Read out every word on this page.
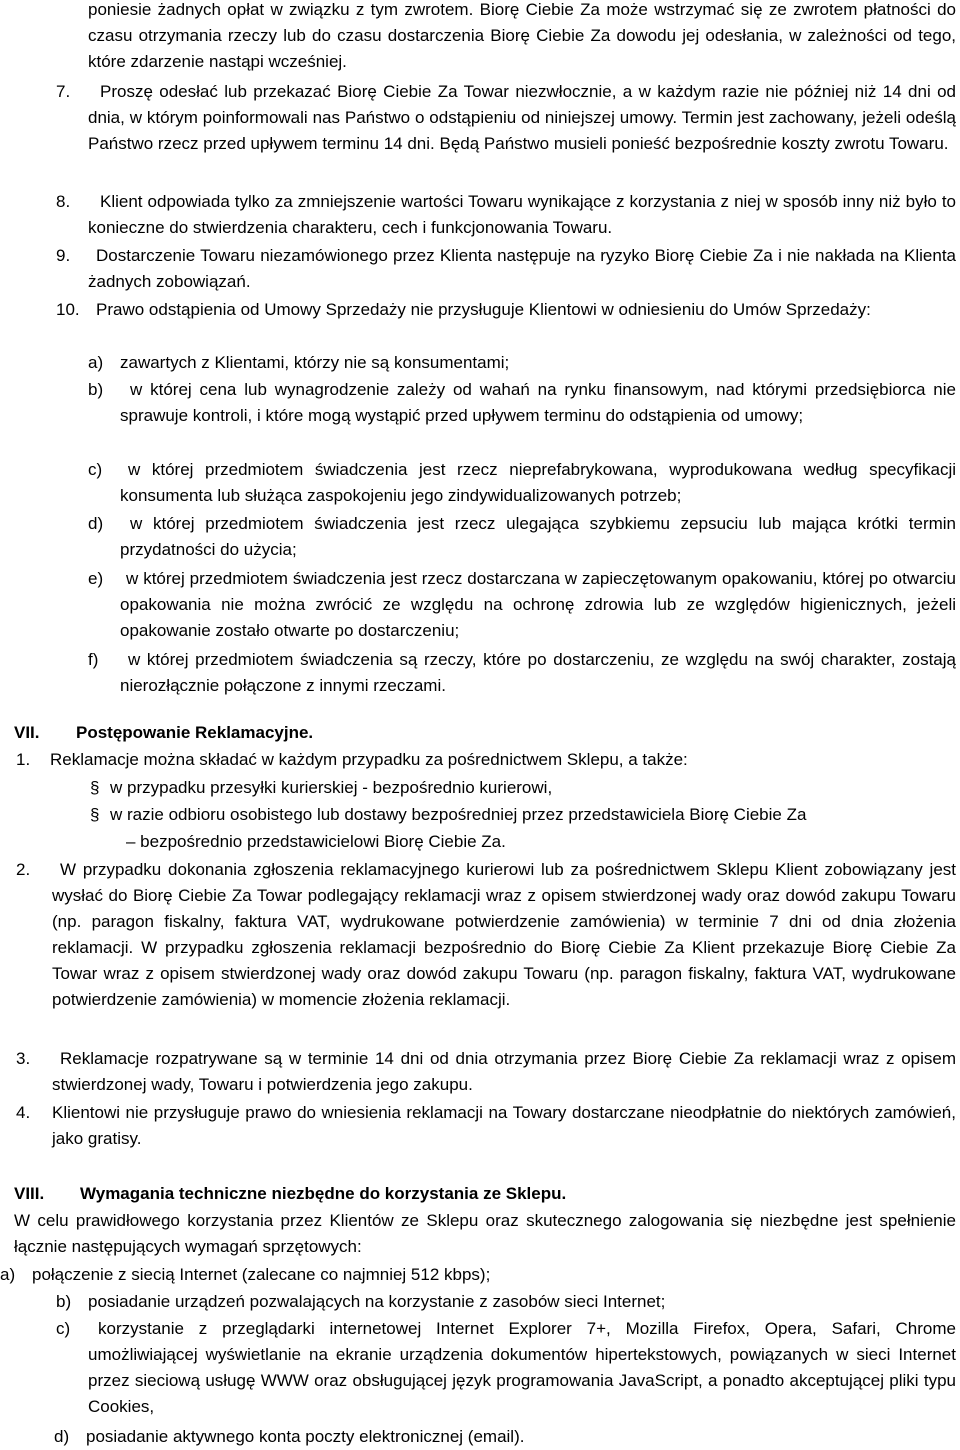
poniesie żadnych opłat w związku z tym zwrotem. Biorę Ciebie Za może wstrzymać się ze zwrotem płatności do czasu otrzymania rzeczy lub do czasu dostarczenia Biorę Ciebie Za dowodu jej odesłania, w zależności od tego, które zdarzenie nastąpi wcześniej.
7.	Proszę odesłać lub przekazać Biorę Ciebie Za Towar niezwłocznie, a w każdym razie nie później niż 14 dni od dnia, w którym poinformowali nas Państwo o odstąpieniu od niniejszej umowy. Termin jest zachowany, jeżeli odeślą Państwo rzecz przed upływem terminu 14 dni. Będą Państwo musieli ponieść bezpośrednie koszty zwrotu Towaru.
8.	Klient odpowiada tylko za zmniejszenie wartości Towaru wynikające z korzystania z niej w sposób inny niż było to konieczne do stwierdzenia charakteru, cech i funkcjonowania Towaru.
9.	Dostarczenie Towaru niezamówionego przez Klienta następuje na ryzyko Biorę Ciebie Za i nie nakłada na Klienta żadnych zobowiązań.
10. Prawo odstąpienia od Umowy Sprzedaży nie przysługuje Klientowi w odniesieniu do Umów Sprzedaży:
a) zawartych z Klientami, którzy nie są konsumentami;
b)	w której cena lub wynagrodzenie zależy od wahań na rynku finansowym, nad którymi przedsiębiorca nie sprawuje kontroli, i które mogą wystąpić przed upływem terminu do odstąpienia od umowy;
c)	w której przedmiotem świadczenia jest rzecz nieprefabrykowana, wyprodukowana według specyfikacji konsumenta lub służąca zaspokojeniu jego zindywidualizowanych potrzeb;
d)	w której przedmiotem świadczenia jest rzecz ulegająca szybkiemu zepsuciu lub mająca krótki termin przydatności do użycia;
e)	w której przedmiotem świadczenia jest rzecz dostarczana w zapieczętowanym opakowaniu, której po otwarciu opakowania nie można zwrócić ze względu na ochronę zdrowia lub ze względów higienicznych, jeżeli opakowanie zostało otwarte po dostarczeniu;
f)	w której przedmiotem świadczenia są rzeczy, które po dostarczeniu, ze względu na swój charakter, zostają nierozłącznie połączone z innymi rzeczami.
VII. Postępowanie Reklamacyjne.
1. Reklamacje można składać w każdym przypadku za pośrednictwem Sklepu, a także:
§ w przypadku przesyłki kurierskiej - bezpośrednio kurierowi,
§ w razie odbioru osobistego lub dostawy bezpośredniej przez przedstawiciela Biorę Ciebie Za
– bezpośrednio przedstawicielowi Biorę Ciebie Za.
2.	W przypadku dokonania zgłoszenia reklamacyjnego kurierowi lub za pośrednictwem Sklepu Klient zobowiązany jest wysłać do Biorę Ciebie Za Towar podlegający reklamacji wraz z opisem stwierdzonej wady oraz dowód zakupu Towaru (np. paragon fiskalny, faktura VAT, wydrukowane potwierdzenie zamówienia) w terminie 7 dni od dnia złożenia reklamacji. W przypadku zgłoszenia reklamacji bezpośrednio do Biorę Ciebie Za Klient przekazuje Biorę Ciebie Za Towar wraz z opisem stwierdzonej wady oraz dowód zakupu Towaru (np. paragon fiskalny, faktura VAT, wydrukowane potwierdzenie zamówienia) w momencie złożenia reklamacji.
3.	Reklamacje rozpatrywane są w terminie 14 dni od dnia otrzymania przez Biorę Ciebie Za reklamacji wraz z opisem stwierdzonej wady, Towaru i potwierdzenia jego zakupu.
4. Klientowi nie przysługuje prawo do wniesienia reklamacji na Towary dostarczane nieodpłatnie do niektórych zamówień, jako gratisy.
VIII. Wymagania techniczne niezbędne do korzystania ze Sklepu.
W celu prawidłowego korzystania przez Klientów ze Sklepu oraz skutecznego zalogowania się niezbędne jest spełnienie łącznie następujących wymagań sprzętowych:
a) połączenie z siecią Internet (zalecane co najmniej 512 kbps);
b) posiadanie urządzeń pozwalających na korzystanie z zasobów sieci Internet;
c)	korzystanie z przeglądarki internetowej Internet Explorer 7+, Mozilla Firefox, Opera, Safari, Chrome umożliwiającej wyświetlanie na ekranie urządzenia dokumentów hipertekstowych, powiązanych w sieci Internet przez sieciową usługę WWW oraz obsługującej język programowania JavaScript, a ponadto akceptującej pliki typu Cookies,
d) posiadanie aktywnego konta poczty elektronicznej (email).
